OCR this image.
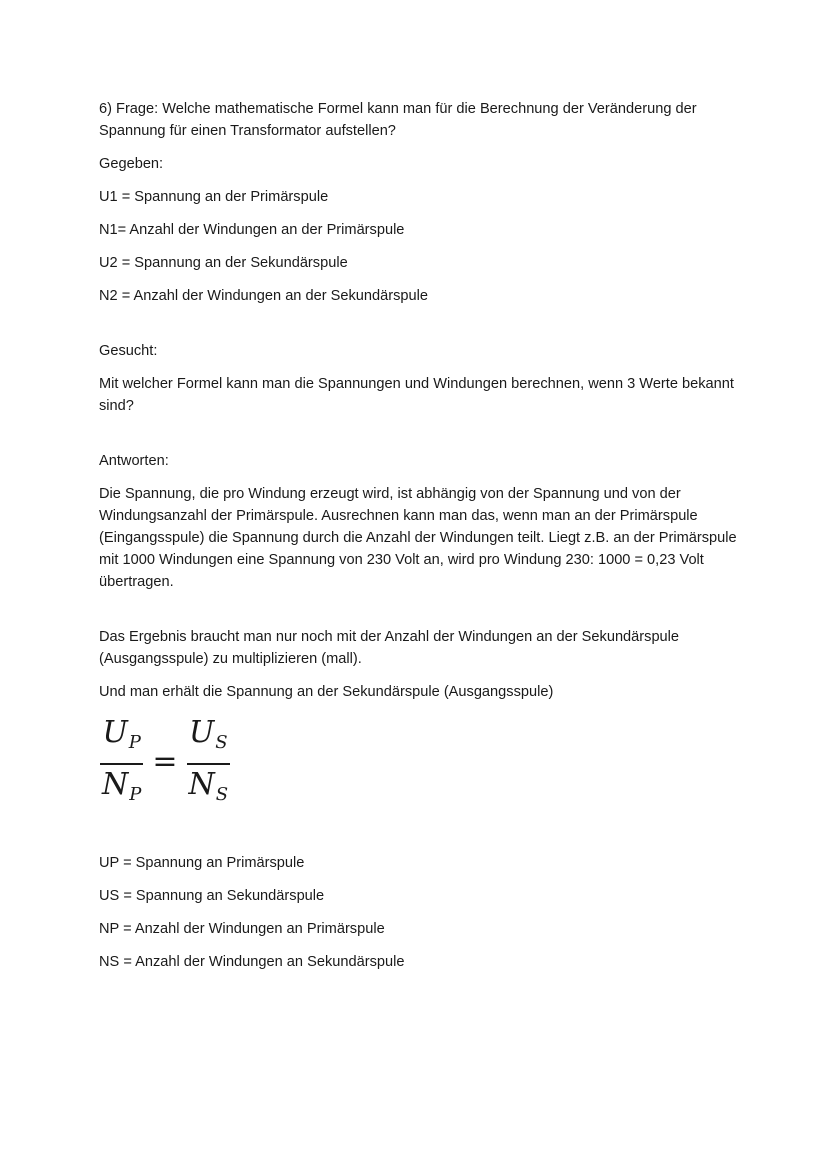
6) Frage: Welche mathematische Formel kann man für die Berechnung der Veränderung der Spannung für einen Transformator aufstellen?

Gegeben:

U1 = Spannung an der Primärspule

N1= Anzahl der Windungen an der Primärspule

U2 = Spannung an der Sekundärspule

N2 = Anzahl der Windungen an der Sekundärspule

Gesucht:

Mit welcher Formel kann man die Spannungen und Windungen berechnen, wenn 3 Werte bekannt sind?

Antworten:

Die Spannung, die pro Windung erzeugt wird, ist abhängig von der Spannung und von der Windungsanzahl der Primärspule. Ausrechnen kann man das, wenn man an der Primärspule (Eingangsspule) die Spannung durch die Anzahl der Windungen teilt. Liegt z.B. an der Primärspule mit 1000 Windungen eine Spannung von 230 Volt an, wird pro Windung 230: 1000 = 0,23 Volt übertragen.

Das Ergebnis braucht man nur noch mit der Anzahl der Windungen an der Sekundärspule (Ausgangsspule) zu multiplizieren (mall).

Und man erhält die Spannung an der Sekundärspule (Ausgangsspule)

$\frac{U_P}{N_P} = \frac{U_S}{N_S}$

UP = Spannung an Primärspule

US = Spannung an Sekundärspule

NP = Anzahl der Windungen an Primärspule

NS = Anzahl der Windungen an Sekundärspule
